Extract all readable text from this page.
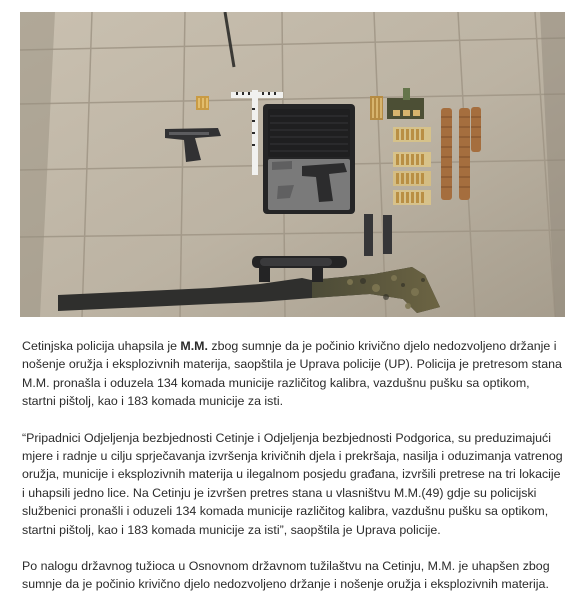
Cetinjska policija uhapsila je M.M. zbog sumnje da je počinio krivično djelo nedozvoljeno držanje i nošenje oružja i eksplozivnih materija, saopštila je Uprava policije (UP). Policija je pretresom stana M.M. pronašla i oduzela 134 komada municije različitog kalibra, vazdušnu pušku sa optikom, startni pištolj, kao i 183 komada municije za isti.

“Pripadnici Odjeljenja bezbjednosti Cetinje i Odjeljenja bezbjednosti Podgorica, su preduzimajući mjere i radnje u cilju sprječavanja izvršenja krivičnih djela i prekršaja, nasilja i oduzimanja vatrenog oružja, municije i eksplozivnih materija u ilegalnom posjedu građana, izvršili pretrese na tri lokacije i uhapsili jedno lice. Na Cetinju je izvršen pretres stana u vlasništvu M.M.(49) gdje su policijski službenici pronašli i oduzeli 134 komada municije različitog kalibra, vazdušnu pušku sa optikom, startni pištolj, kao i 183 komada municije za isti”, saopštila je Uprava policije.

Po nalogu državnog tužioca u Osnovnom državnom tužilaštvu na Cetinju, M.M. je uhapšen zbog sumnje da je počinio krivično djelo nedozvoljeno držanje i nošenje oružja i eksplozivnih materija.
